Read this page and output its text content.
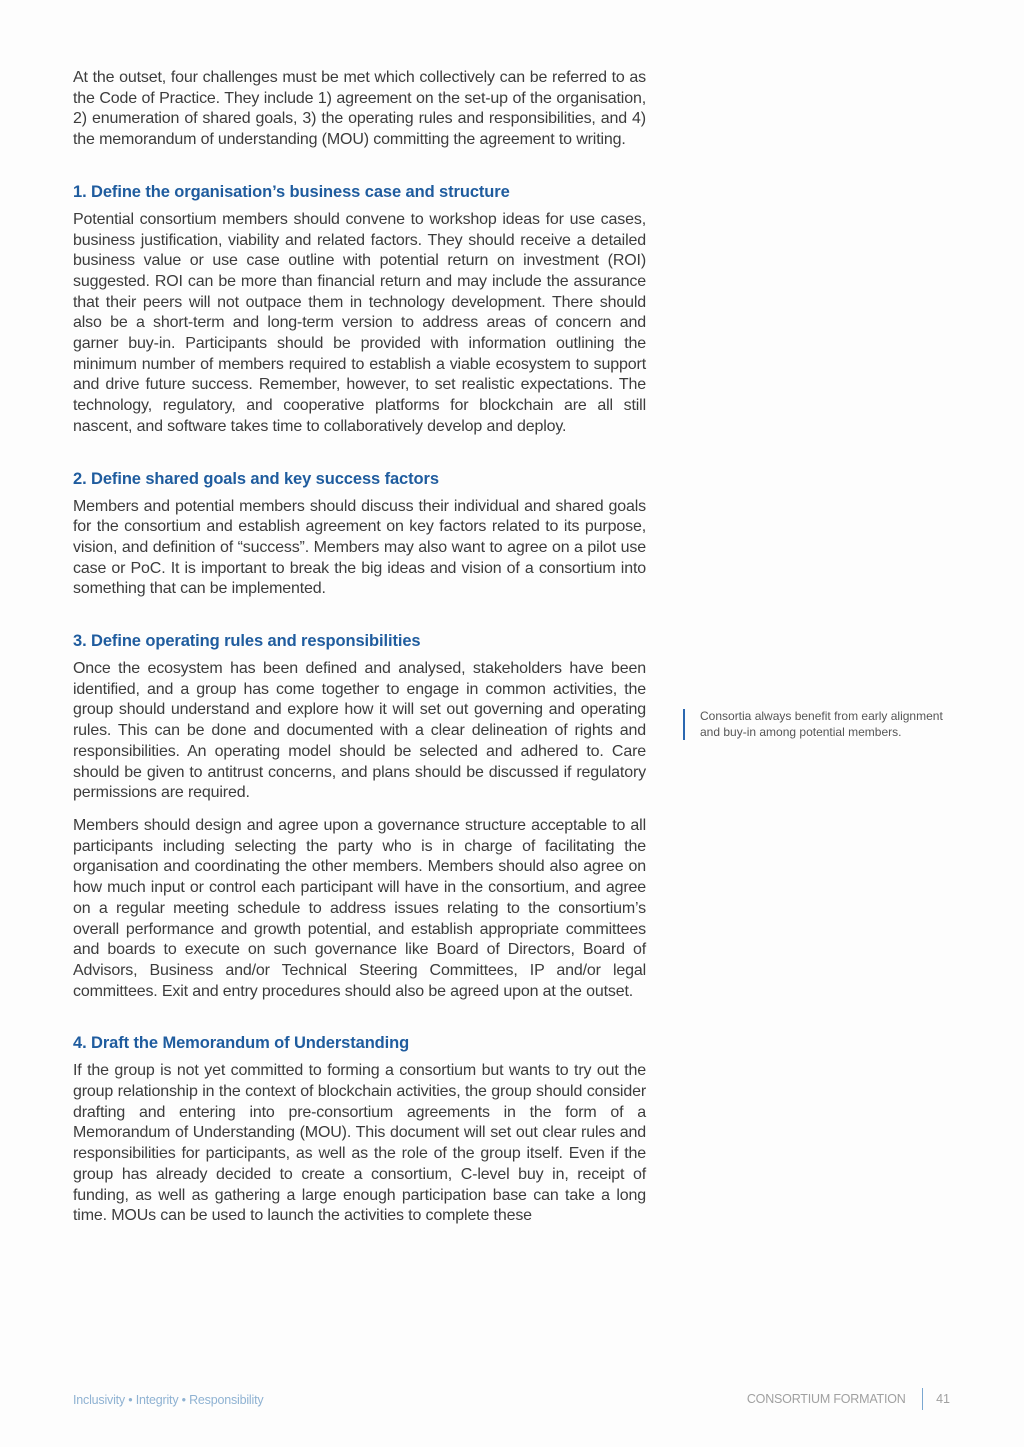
At the outset, four challenges must be met which collectively can be referred to as the Code of Practice. They include 1) agreement on the set-up of the organisation, 2) enumeration of shared goals, 3) the operating rules and responsibilities, and 4) the memorandum of understanding (MOU) committing the agreement to writing.

1. Define the organisation’s business case and structure

Potential consortium members should convene to workshop ideas for use cases, business justification, viability and related factors. They should receive a detailed business value or use case outline with potential return on investment (ROI) suggested. ROI can be more than financial return and may include the assurance that their peers will not outpace them in technology development. There should also be a short-term and long-term version to address areas of concern and garner buy-in. Participants should be provided with information outlining the minimum number of members required to establish a viable ecosystem to support and drive future success. Remember, however, to set realistic expectations. The technology, regulatory, and cooperative platforms for blockchain are all still nascent, and software takes time to collaboratively develop and deploy.

2. Define shared goals and key success factors

Members and potential members should discuss their individual and shared goals for the consortium and establish agreement on key factors related to its purpose, vision, and definition of “success”. Members may also want to agree on a pilot use case or PoC. It is important to break the big ideas and vision of a consortium into something that can be implemented.

3. Define operating rules and responsibilities

Once the ecosystem has been defined and analysed, stakeholders have been identified, and a group has come together to engage in common activities, the group should understand and explore how it will set out governing and operating rules. This can be done and documented with a clear delineation of rights and responsibilities. An operating model should be selected and adhered to. Care should be given to antitrust concerns, and plans should be discussed if regulatory permissions are required.

Members should design and agree upon a governance structure acceptable to all participants including selecting the party who is in charge of facilitating the organisation and coordinating the other members. Members should also agree on how much input or control each participant will have in the consortium, and agree on a regular meeting schedule to address issues relating to the consortium’s overall performance and growth potential, and establish appropriate committees and boards to execute on such governance like Board of Directors, Board of Advisors, Business and/or Technical Steering Committees, IP and/or legal committees. Exit and entry procedures should also be agreed upon at the outset.

4. Draft the Memorandum of Understanding

If the group is not yet committed to forming a consortium but wants to try out the group relationship in the context of blockchain activities, the group should consider drafting and entering into pre-consortium agreements in the form of a Memorandum of Understanding (MOU). This document will set out clear rules and responsibilities for participants, as well as the role of the group itself. Even if the group has already decided to create a consortium, C-level buy in, receipt of funding, as well as gathering a large enough participation base can take a long time. MOUs can be used to launch the activities to complete these

Consortia always benefit from early alignment and buy-in among potential members.
Inclusivity • Integrity • Responsibility	CONSORTIUM FORMATION 41
